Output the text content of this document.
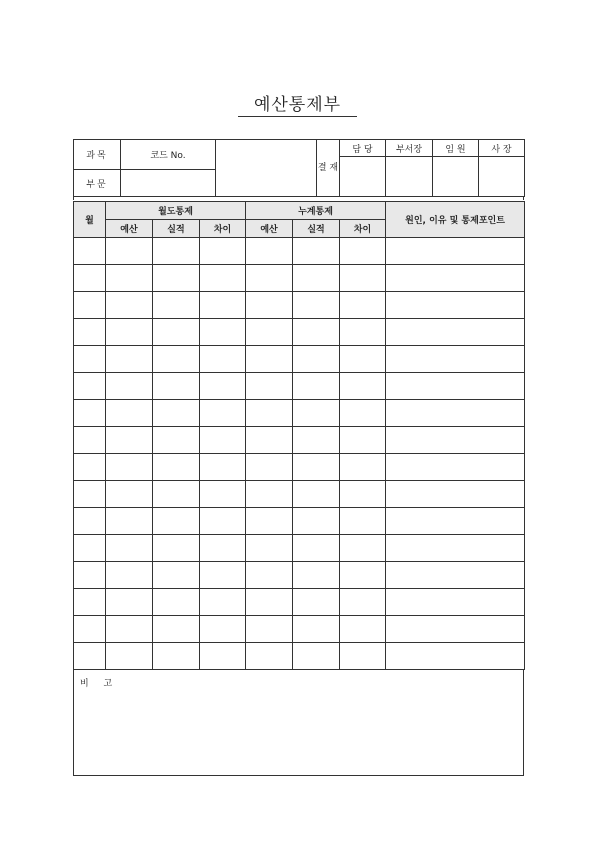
예산통제부
과목	코드 No.		결 재	담 당	부서장	임 원	사 장

부문							
월	월도통제			누계통제			원인, 이유 및 통제포인트
	예산	실적	차이	예산	실적	차이	

비 고
